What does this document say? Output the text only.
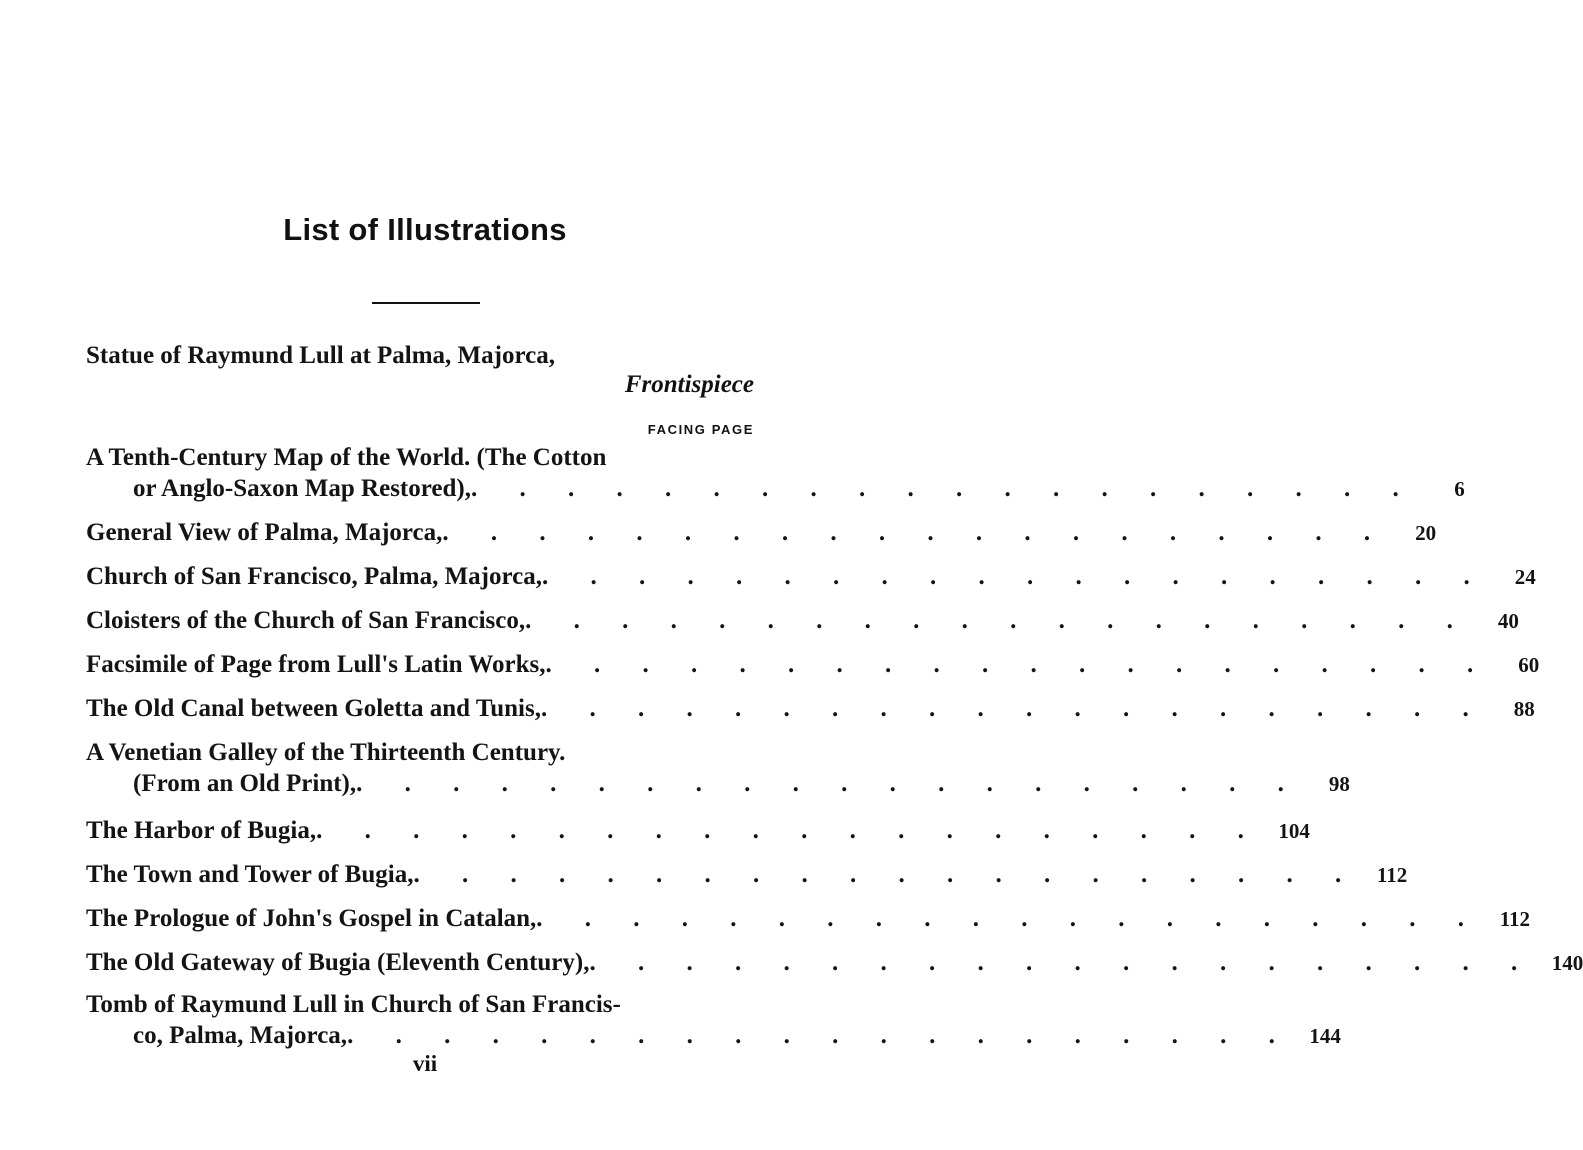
List of Illustrations
Statue of Raymund Lull at Palma, Majorca,
Frontispiece
FACING PAGE
A Tenth-Century Map of the World. (The Cotton
or Anglo-Saxon Map Restored), . . . . . . . . . . . . . . . . . . . .	6
General View of Palma, Majorca, . . . . . . . . . . . . . . . . . . . .	20
Church of San Francisco, Palma, Majorca, . . . . . . . . . . . . . . . . . . . .	24
Cloisters of the Church of San Francisco, . . . . . . . . . . . . . . . . . . . .	40
Facsimile of Page from Lull's Latin Works, . . . . . . . . . . . . . . . . . . . .	60
The Old Canal between Goletta and Tunis, . . . . . . . . . . . . . . . . . . . .	88
A Venetian Galley of the Thirteenth Century.
(From an Old Print), . . . . . . . . . . . . . . . . . . . .	98
The Harbor of Bugia, . . . . . . . . . . . . . . . . . . . . 104
The Town and Tower of Bugia, . . . . . . . . . . . . . . . . . . . . 112
The Prologue of John's Gospel in Catalan, . . . . . . . . . . . . . . . . . . . . 112
The Old Gateway of Bugia (Eleventh Century), . . . . . . . . . . . . . . . . . . . . 140
Tomb of Raymund Lull in Church of San Francis-
co, Palma, Majorca, . . . . . . . . . . . . . . . . . . . . 144
vii
